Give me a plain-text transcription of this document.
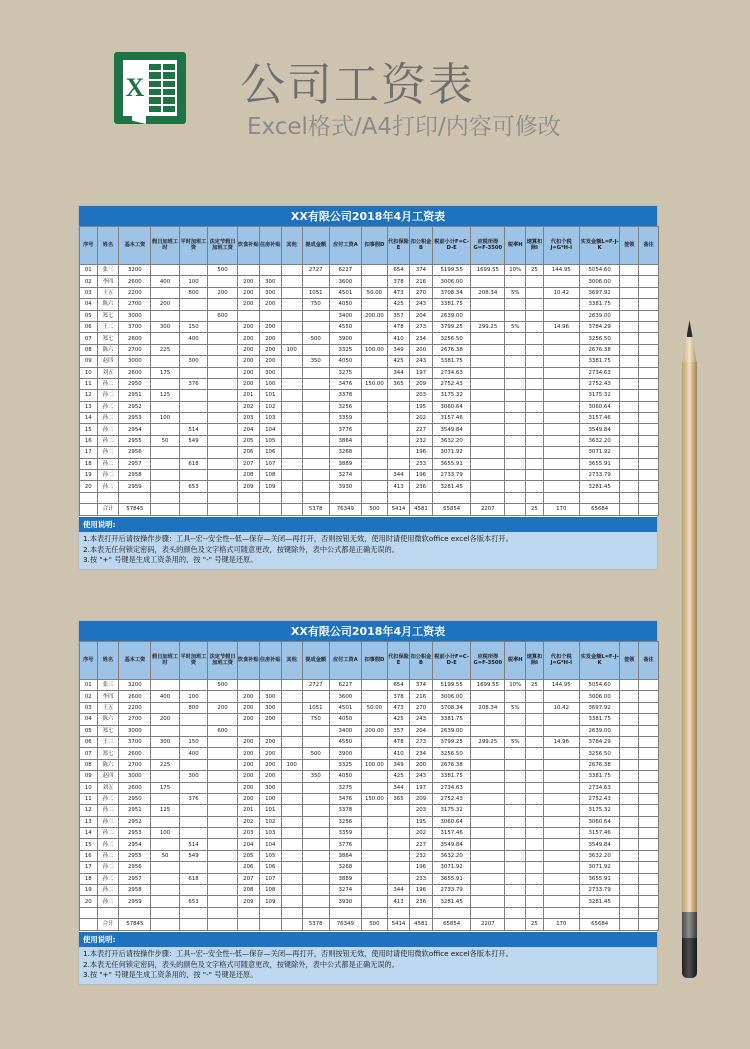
X 公司工资表
Excel格式/A4打印/内容可修改
XX有限公司2018年4月工资表
序号	姓名	基本工资	假日加班工时	平时加班工资	法定节假日加班工资	饮食补贴	住房补贴	其他	提成金额	应付工资A	扣事假D	代扣保险E	扣公积金B	税前小计F=C-D-E	应税所得G=F-3500	税率H	速算扣除I	代扣个税J=G*H-I	实发金额L=F-J-K	签领	备注
01	张三	3200			500				2727	6227		654	374	5199.55	1699.55	10%	25	144.95	5054.60		
02	李四	2600	400	100		200	300			3600		378	216	3006.00					3006.00		
03	王五	2200		800	200	200	300		1051	4501	50.00	473	270	3708.34	208.34	5%		10.42	3697.92		
04	陈六	2700	200			200	200		750	4050		425	243	3381.75					3381.75		
05	郑七	3000			600					3400	200.00	357	204	2639.00					2639.00		
06	王二	3700	300	150		200	200			4550		478	273	3799.25	299.25	5%		14.96	3784.29		
07	郑七	2600		400		200	200		500	3900		410	234	3256.50					3256.50		
08	陈六	2700	225			200	200	100		3325	100.00	349	200	2676.38					2676.38		
09	赵四	3000		300		200	200		350	4050		425	243	3381.75					3381.75		
10	刘五	2600	175			200	300			3275		344	197	2734.63					2734.63		
11	孙二	2950		376		200	100			3476	150.00	365	209	2752.43					2752.43		
12	孙二	2951	125			201	101			3378			203	3175.32					3175.32		
13	孙二	2952				202	102			3256			195	3060.64					3060.64		
14	孙二	2953	100			203	103			3359			202	3157.46					3157.46		
15	孙二	2954		514		204	104			3776			227	3549.84					3549.84		
16	孙二	2955	50	549		205	105			3864			232	3632.20					3632.20		
17	孙二	2956				206	106			3268			196	3071.92					3071.92		
18	孙二	2957		618		207	107			3889			233	3655.91					3655.91		
19	孙二	2958				208	108			3274		344	196	2733.79					2733.79		
20	孙二	2959		653		209	109			3930		413	236	3281.45					3281.45		

	合计	57845							5378	76349	500	5414	4581	65854	2207		25	170	65684		
使用说明:
1.本表打开后请按操作步骤：工具--宏--安全性--低—保存—关闭—再打开，否则按钮无效，使用时请使用微软office excel各版本打开。
2.本表无任何锁定密码，表头的颜色及文字格式可随意更改，按键除外，表中公式都是正确无误的。
3.按 "+" 号键是生成工资条用的，按 "-" 号键是还原。
XX有限公司2018年4月工资表
序号	姓名	基本工资	假日加班工时	平时加班工资	法定节假日加班工资	饮食补贴	住房补贴	其他	提成金额	应付工资A	扣事假D	代扣保险E	扣公积金B	税前小计F=C-D-E	应税所得G=F-3500	税率H	速算扣除I	代扣个税J=G*H-I	实发金额L=F-J-K	签领	备注
01	张三	3200			500				2727	6227		654	374	5199.55	1699.55	10%	25	144.95	5054.60		
02	李四	2600	400	100		200	300			3600		378	216	3006.00					3006.00		
03	王五	2200		800	200	200	300		1051	4501	50.00	473	270	3708.34	208.34	5%		10.42	3697.92		
04	陈六	2700	200			200	200		750	4050		425	243	3381.75					3381.75		
05	郑七	3000			600					3400	200.00	357	204	2639.00					2639.00		
06	王二	3700	300	150		200	200			4550		478	273	3799.25	299.25	5%		14.96	3784.29		
07	郑七	2600		400		200	200		500	3900		410	234	3256.50					3256.50		
08	陈六	2700	225			200	200	100		3325	100.00	349	200	2676.38					2676.38		
09	赵四	3000		300		200	200		350	4050		425	243	3381.75					3381.75		
10	刘五	2600	175			200	300			3275		344	197	2734.63					2734.63		
11	孙二	2950		376		200	100			3476	150.00	365	209	2752.43					2752.43		
12	孙二	2951	125			201	101			3378			203	3175.32					3175.32		
13	孙二	2952				202	102			3256			195	3060.64					3060.64		
14	孙二	2953	100			203	103			3359			202	3157.46					3157.46		
15	孙二	2954		514		204	104			3776			227	3549.84					3549.84		
16	孙二	2955	50	549		205	105			3864			232	3632.20					3632.20		
17	孙二	2956				206	106			3268			196	3071.92					3071.92		
18	孙二	2957		618		207	107			3889			233	3655.91					3655.91		
19	孙二	2958				208	108			3274		344	196	2733.79					2733.79		
20	孙二	2959		653		209	109			3930		413	236	3281.45					3281.45		

	合计	57845							5378	76349	500	5414	4581	65854	2207		25	170	65684		
使用说明:
1.本表打开后请按操作步骤：工具--宏--安全性--低—保存—关闭—再打开，否则按钮无效，使用时请使用微软office excel各版本打开。
2.本表无任何锁定密码，表头的颜色及文字格式可随意更改，按键除外，表中公式都是正确无误的。
3.按 "+" 号键是生成工资条用的，按 "-" 号键是还原。
